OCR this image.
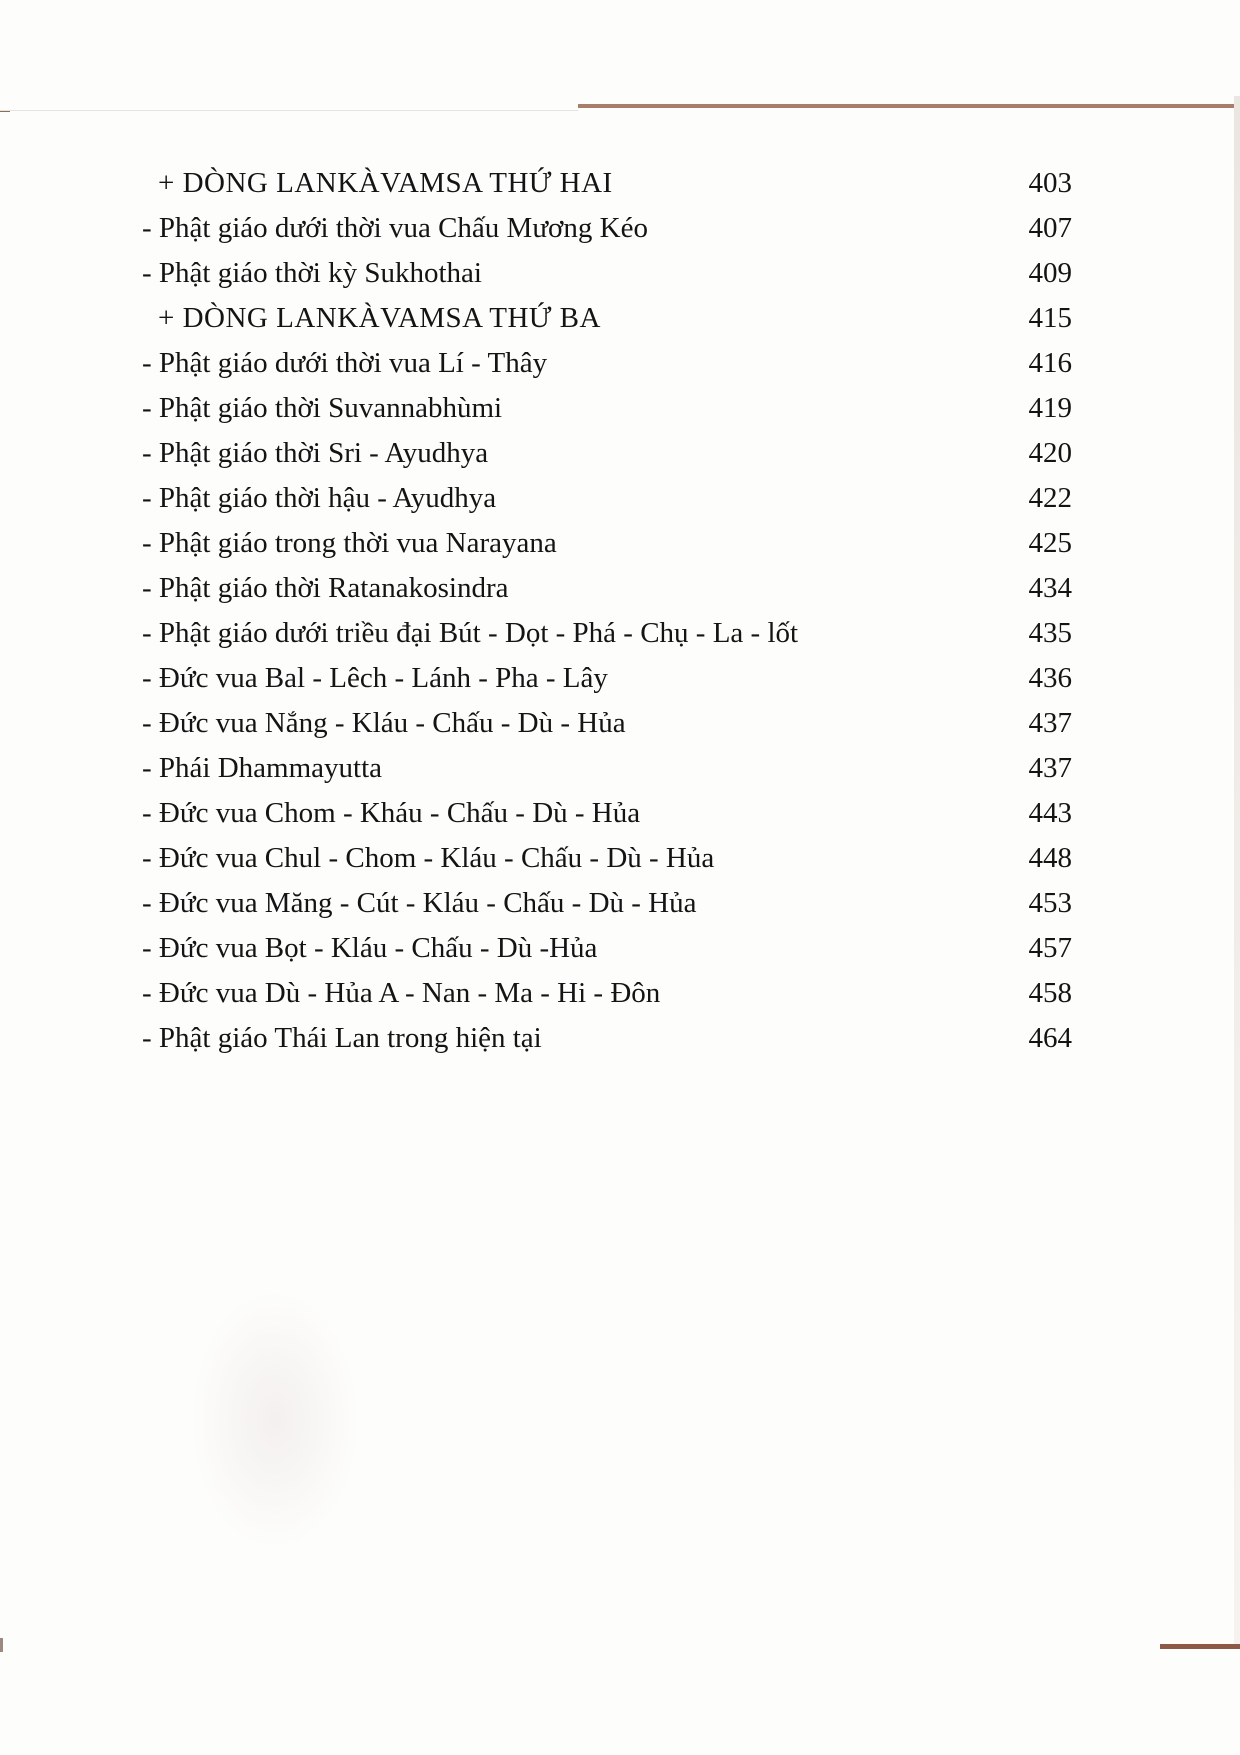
+ DÒNG LANKÀVAMSA THỨ HAI	403
- Phật giáo dưới thời vua Chấu Mương Kéo	407
- Phật giáo thời kỳ Sukhothai	409
+ DÒNG LANKÀVAMSA THỨ BA	415
- Phật giáo dưới thời vua Lí - Thây	416
- Phật giáo thời Suvannabhùmi	419
- Phật giáo thời Sri - Ayudhya	420
- Phật giáo thời hậu - Ayudhya	422
- Phật giáo trong thời vua Narayana	425
- Phật giáo thời Ratanakosindra	434
- Phật giáo dưới triều đại Bút - Dọt - Phá - Chụ - La - lốt	435
- Đức vua Bal - Lêch - Lánh - Pha - Lây	436
- Đức vua Nắng - Kláu - Chấu - Dù - Hủa	437
- Phái Dhammayutta	437
- Đức vua Chom - Kháu - Chấu - Dù - Hủa	443
- Đức vua Chul - Chom - Kláu - Chấu - Dù - Hủa	448
- Đức vua Măng - Cút - Kláu - Chấu - Dù - Hủa	453
- Đức vua Bọt - Kláu - Chấu - Dù -Hủa	457
- Đức vua Dù - Hủa A - Nan - Ma - Hi - Đôn	458
- Phật giáo Thái Lan trong hiện tại	464
